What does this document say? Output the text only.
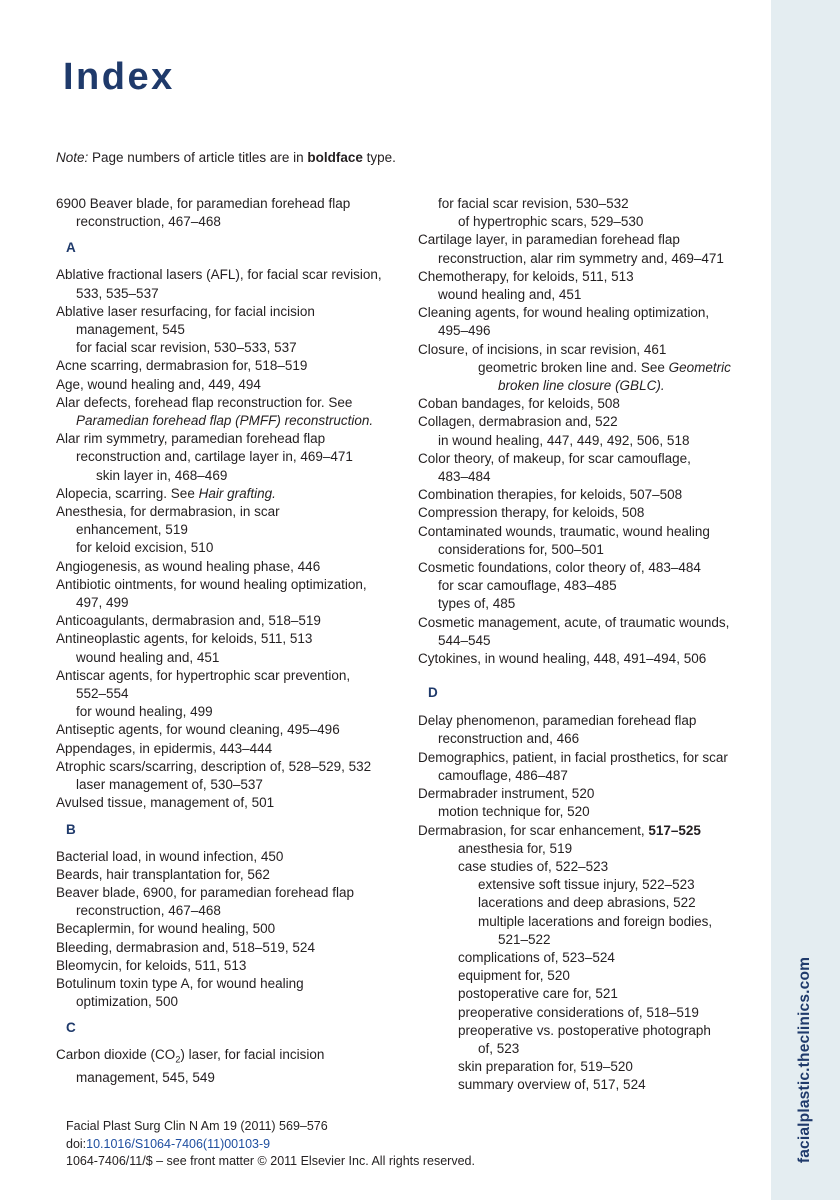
facialplastic.theclinics.com
Index
Note: Page numbers of article titles are in boldface type.
6900 Beaver blade, for paramedian forehead flap
reconstruction, 467–468
A
Ablative fractional lasers (AFL), for facial scar revision,
533, 535–537
Ablative laser resurfacing, for facial incision
management, 545
for facial scar revision, 530–533, 537
Acne scarring, dermabrasion for, 518–519
Age, wound healing and, 449, 494
Alar defects, forehead flap reconstruction for. See
Paramedian forehead flap (PMFF) reconstruction.
Alar rim symmetry, paramedian forehead flap
reconstruction and, cartilage layer in, 469–471
skin layer in, 468–469
Alopecia, scarring. See Hair grafting.
Anesthesia, for dermabrasion, in scar
enhancement, 519
for keloid excision, 510
Angiogenesis, as wound healing phase, 446
Antibiotic ointments, for wound healing optimization,
497, 499
Anticoagulants, dermabrasion and, 518–519
Antineoplastic agents, for keloids, 511, 513
wound healing and, 451
Antiscar agents, for hypertrophic scar prevention,
552–554
for wound healing, 499
Antiseptic agents, for wound cleaning, 495–496
Appendages, in epidermis, 443–444
Atrophic scars/scarring, description of, 528–529, 532
laser management of, 530–537
Avulsed tissue, management of, 501
B
Bacterial load, in wound infection, 450
Beards, hair transplantation for, 562
Beaver blade, 6900, for paramedian forehead flap
reconstruction, 467–468
Becaplermin, for wound healing, 500
Bleeding, dermabrasion and, 518–519, 524
Bleomycin, for keloids, 511, 513
Botulinum toxin type A, for wound healing
optimization, 500
C
Carbon dioxide $(CO_2)$ laser, for facial incision
management, 545, 549
for facial scar revision, 530–532
of hypertrophic scars, 529–530
Cartilage layer, in paramedian forehead flap
reconstruction, alar rim symmetry and, 469–471
Chemotherapy, for keloids, 511, 513
wound healing and, 451
Cleaning agents, for wound healing optimization,
495–496
Closure, of incisions, in scar revision, 461
geometric broken line and. See Geometric
broken line closure (GBLC).
Coban bandages, for keloids, 508
Collagen, dermabrasion and, 522
in wound healing, 447, 449, 492, 506, 518
Color theory, of makeup, for scar camouflage,
483–484
Combination therapies, for keloids, 507–508
Compression therapy, for keloids, 508
Contaminated wounds, traumatic, wound healing
considerations for, 500–501
Cosmetic foundations, color theory of, 483–484
for scar camouflage, 483–485
types of, 485
Cosmetic management, acute, of traumatic wounds,
544–545
Cytokines, in wound healing, 448, 491–494, 506
D
Delay phenomenon, paramedian forehead flap
reconstruction and, 466
Demographics, patient, in facial prosthetics, for scar
camouflage, 486–487
Dermabrader instrument, 520
motion technique for, 520
Dermabrasion, for scar enhancement, 517–525
anesthesia for, 519
case studies of, 522–523
extensive soft tissue injury, 522–523
lacerations and deep abrasions, 522
multiple lacerations and foreign bodies,
521–522
complications of, 523–524
equipment for, 520
postoperative care for, 521
preoperative considerations of, 518–519
preoperative vs. postoperative photograph
of, 523
skin preparation for, 519–520
summary overview of, 517, 524
Facial Plast Surg Clin N Am 19 (2011) 569–576
doi:10.1016/S1064-7406(11)00103-9
1064-7406/11/$ – see front matter © 2011 Elsevier Inc. All rights reserved.
